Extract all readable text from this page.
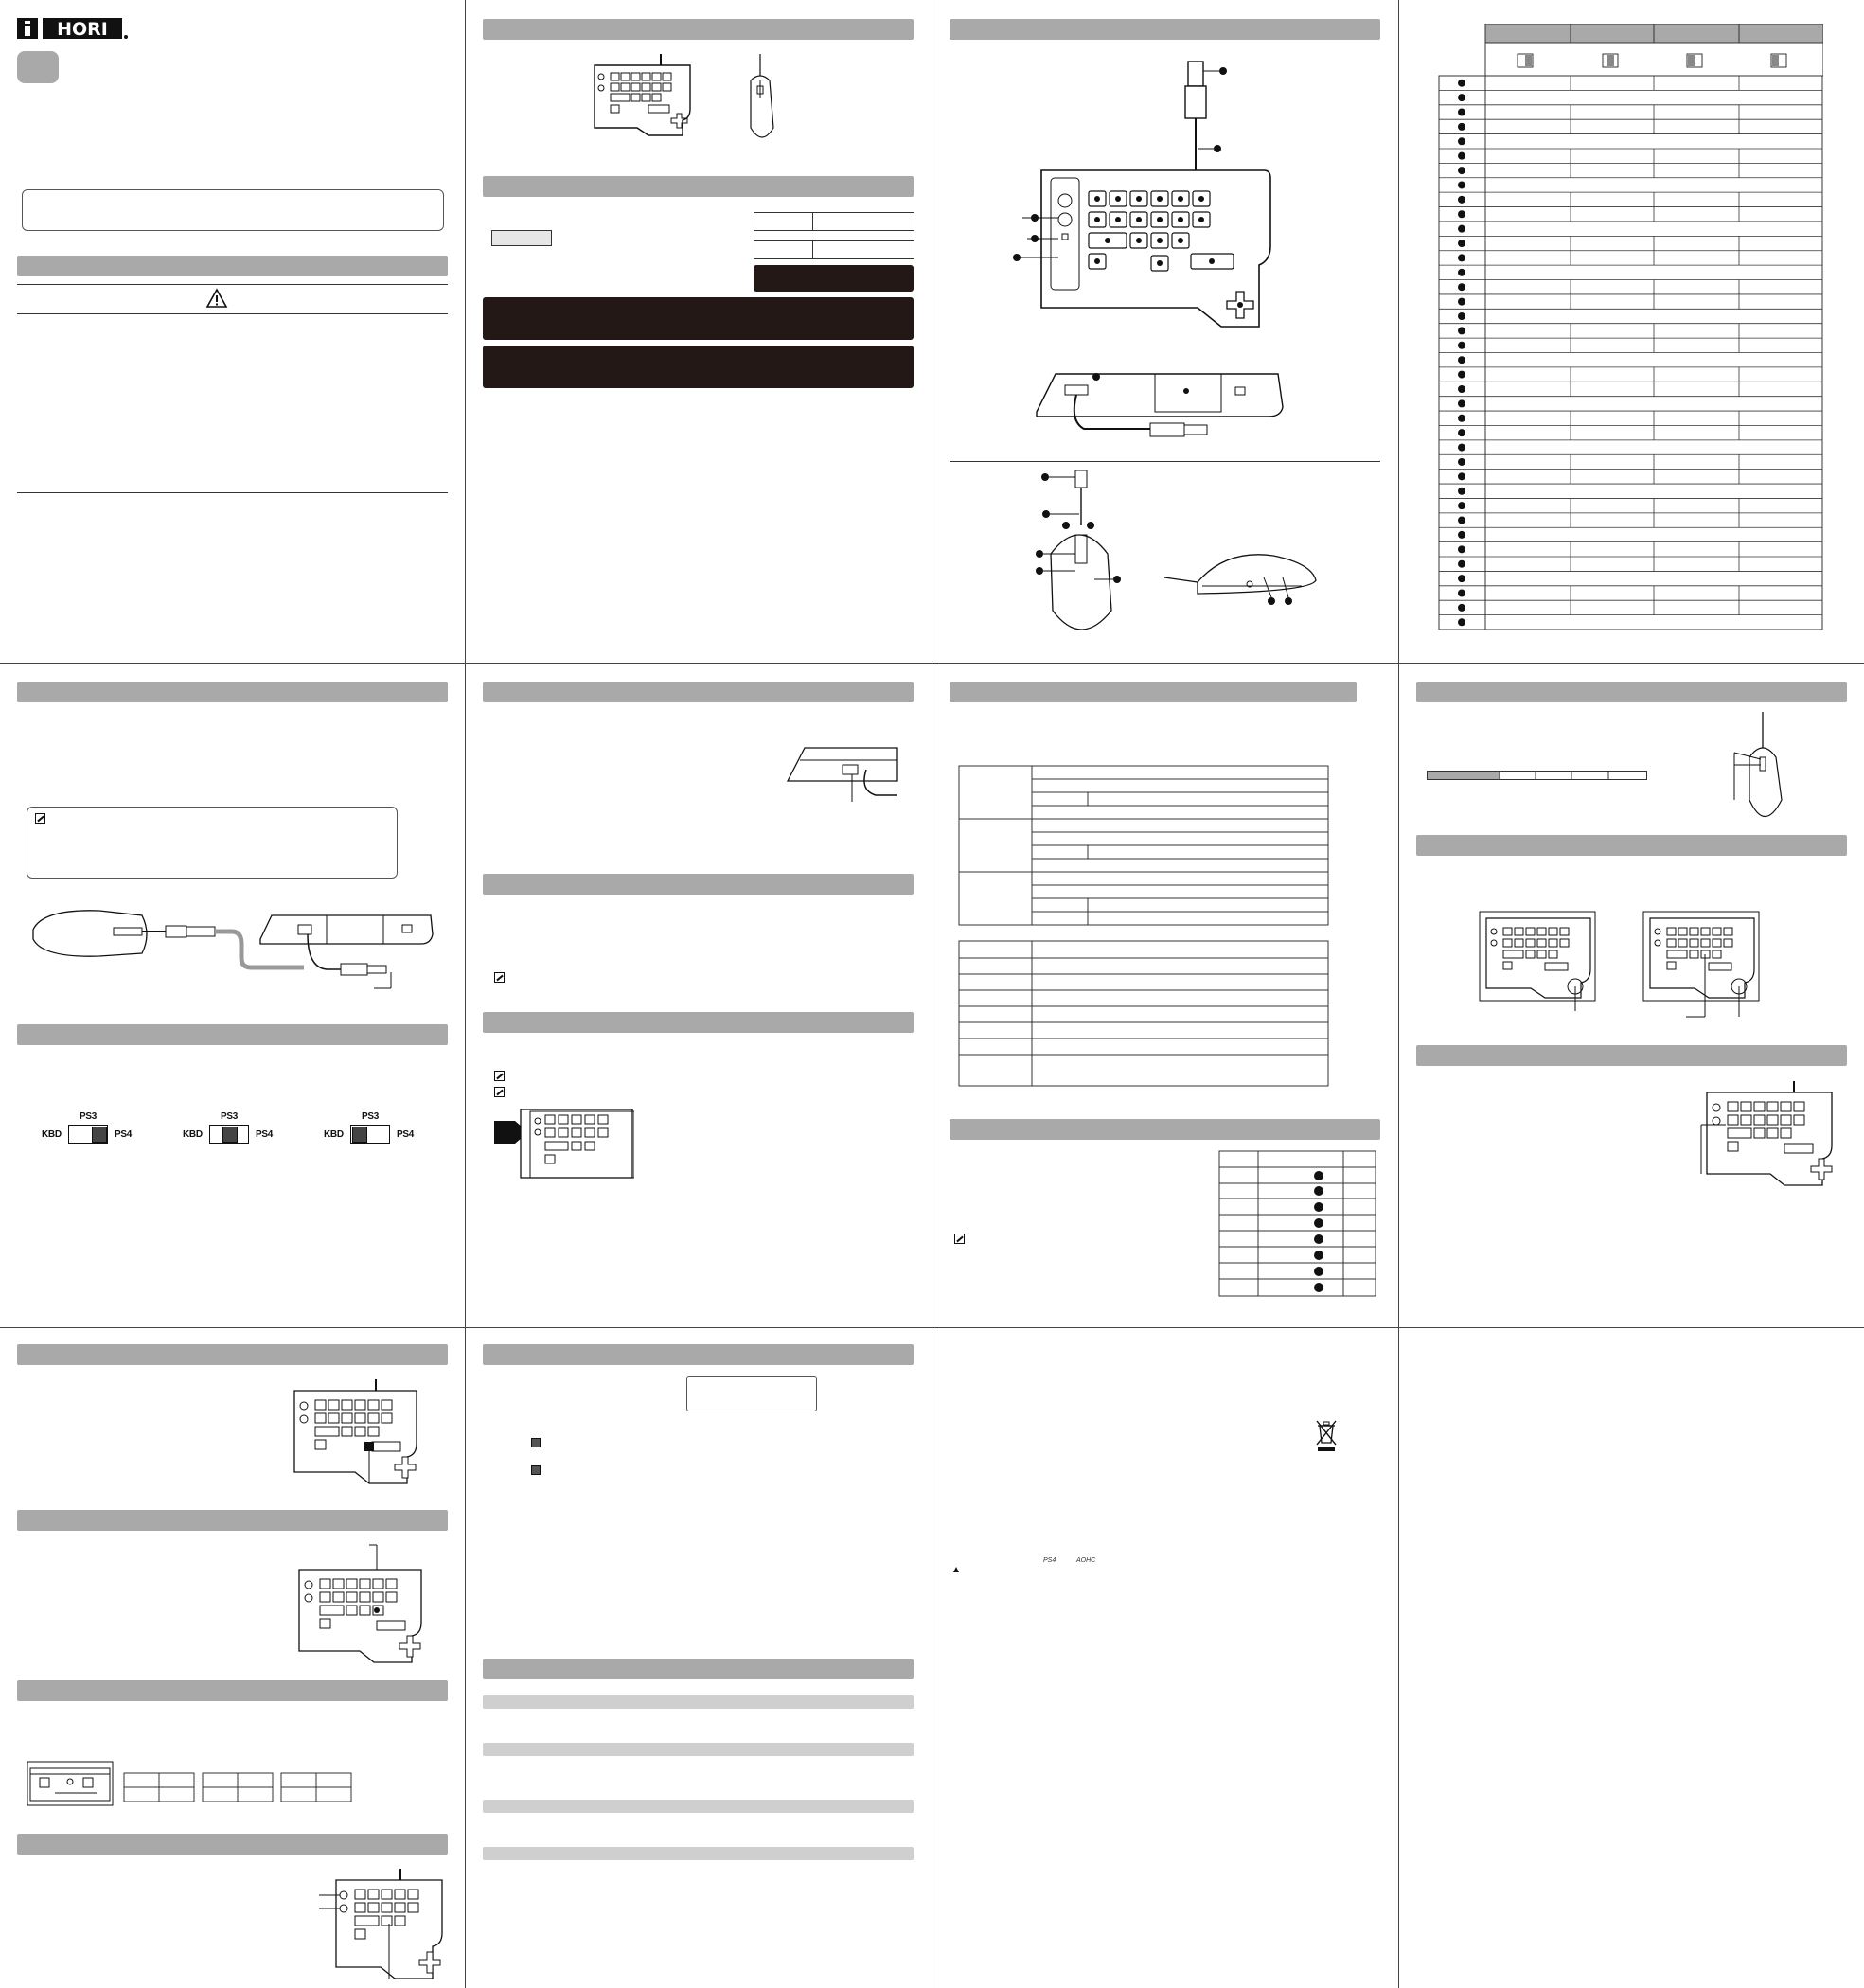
HORI
PS3
KBD	PS4
PS3
KBD	PS4
PS3
KBD	PS4
PS4	AOHC
